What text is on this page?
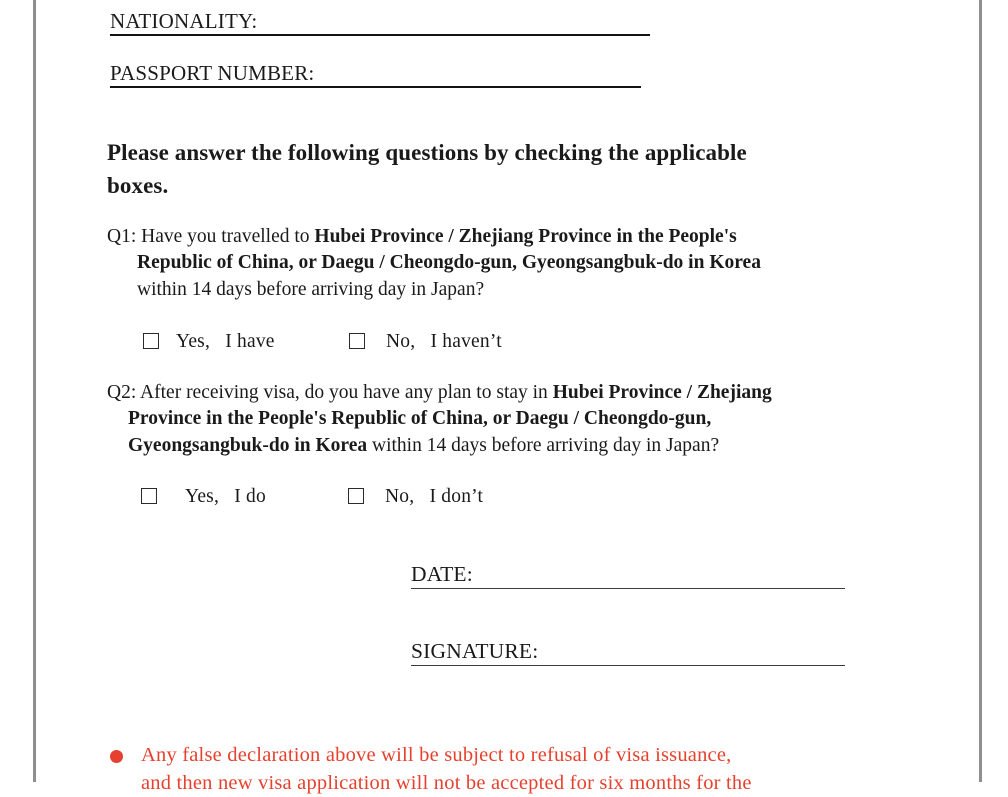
NATIONALITY:
PASSPORT NUMBER:
Please answer the following questions by checking the applicable
boxes.
Q1: Have you travelled to Hubei Province / Zhejiang Province in the People's
Republic of China, or Daegu / Cheongdo-gun, Gyeongsangbuk-do in Korea
within 14 days before arriving day in Japan?
Yes,   I have	No,   I haven’t
Q2: After receiving visa, do you have any plan to stay in Hubei Province / Zhejiang
Province in the People's Republic of China, or Daegu / Cheongdo-gun,
Gyeongsangbuk-do in Korea within 14 days before arriving day in Japan?
Yes,   I do	No,   I don’t
DATE:
SIGNATURE:
Any false declaration above will be subject to refusal of visa issuance,
and then new visa application will not be accepted for six months for the
